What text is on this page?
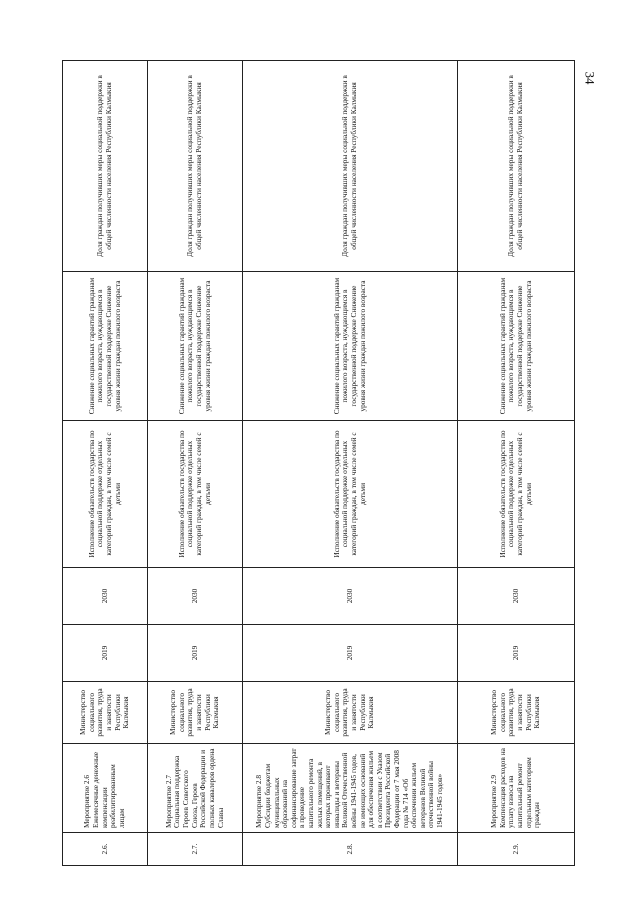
34
2.6.	Мероприятие 2.6 Ежемесячные денежные компенсации реабилитированным лицам	Министерство социального развития, труда и занятости Республики Калмыкия	2019	2030	Исполнение обязательств государства по социальной поддержке отдельных категорий граждан, в том числе семей с детьми	Снижение социальных гарантий гражданам пожилого возраста, нуждающимся в государственной поддержке Снижение уровня жизни граждан пожилого возраста	Доля граждан получивших меры социальной поддержки в общей численности населения Республики Калмыкия
2.7.	Мероприятие 2.7 Социальная поддержка Героев Советского Союза, Героев Российской Федерации и полных кавалеров ордена Славы	Министерство социального развития, труда и занятости Республики Калмыкия	2019	2030	Исполнение обязательств государства по социальной поддержке отдельных категорий граждан, в том числе семей с детьми	Снижение социальных гарантий гражданам пожилого возраста, нуждающимся в государственной поддержке Снижение уровня жизни граждан пожилого возраста	Доля граждан получивших меры социальной поддержки в общей численности населения Республики Калмыкия
2.8.	Мероприятие 2.8 Субсидии бюджетам муниципальных образований на софинансирование затрат в проведение капитального ремонта жилых помещений, в которых проживают инвалиды и ветераны Великой Отечественной войны 1941-1945 годов, не имеющих оснований для обеспечения жильем в соответствии с Указом Президента Российской Федерации от 7 мая 2008 года № 714 «Об обеспечении жильем ветеранов Великой отечественной войны 1941-1945 годов»	Министерство социального развития, труда и занятости Республики Калмыкия	2019	2030	Исполнение обязательств государства по социальной поддержке отдельных категорий граждан, в том числе семей с детьми	Снижение социальных гарантий гражданам пожилого возраста, нуждающимся в государственной поддержке Снижение уровня жизни граждан пожилого возраста	Доля граждан получивших меры социальной поддержки в общей численности населения Республики Калмыкия
2.9.	Мероприятие 2.9 Компенсация расходов на уплату взноса на капитальный ремонт отдельным категориям граждан	Министерство социального развития, труда и занятости Республики Калмыкия	2019	2030	Исполнение обязательств государства по социальной поддержке отдельных категорий граждан, в том числе семей с детьми	Снижение социальных гарантий гражданам пожилого возраста, нуждающимся в государственной поддержке Снижение уровня жизни граждан пожилого возраста	Доля граждан получивших меры социальной поддержки в общей численности населения Республики Калмыкия
